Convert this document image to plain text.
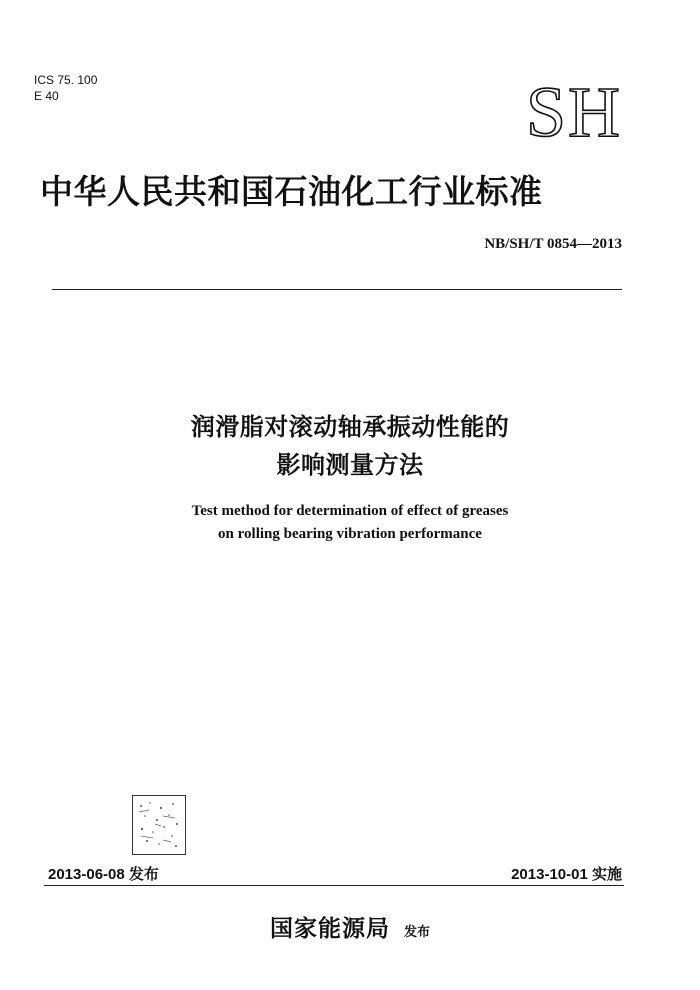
ICS 75. 100
E 40	SH
中华人民共和国石油化工行业标准
NB/SH/T 0854—2013
润滑脂对滚动轴承振动性能的
影响测量方法
Test method for determination of effect of greases
on rolling bearing vibration performance
2013-06-08 发布	2013-10-01 实施
国家能源局 发布
